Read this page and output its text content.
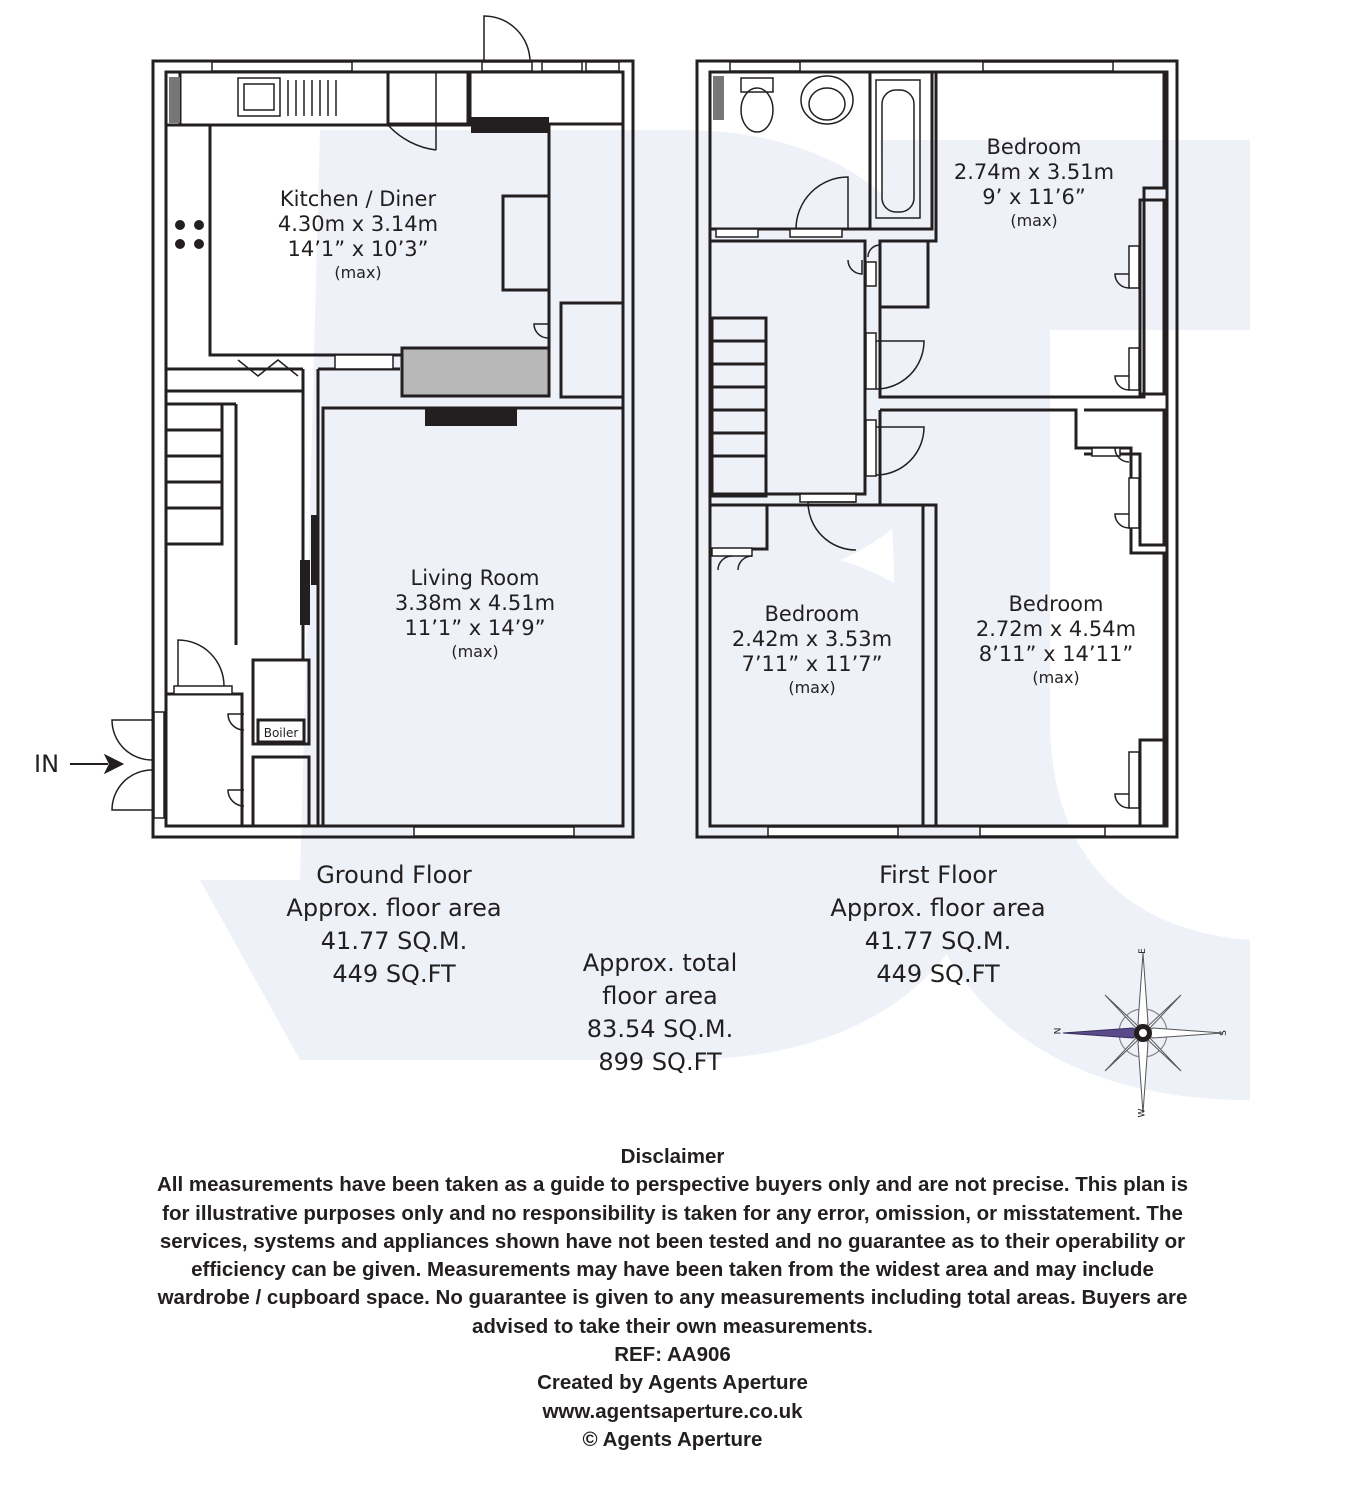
Boiler
Kitchen / Diner
4.30m x 3.14m
14’1” x 10’3”
(max)
Living Room
3.38m x 4.51m
11’1” x 14’9”
(max)
Bedroom
2.74m x 3.51m
9’ x 11’6”
(max)
Bedroom
2.42m x 3.53m
7’11” x 11’7”
(max)
Bedroom
2.72m x 4.54m
8’11” x 14’11”
(max)
IN
Ground Floor
Approx. floor area
41.77 SQ.M.
449 SQ.FT
First Floor
Approx. floor area
41.77 SQ.M.
449 SQ.FT
Approx. total
floor area
83.54 SQ.M.
899 SQ.FT
E
N	S
W
Disclaimer
All measurements have been taken as a guide to perspective buyers only and are not precise. This plan is
for illustrative purposes only and no responsibility is taken for any error, omission, or misstatement. The
services, systems and appliances shown have not been tested and no guarantee as to their operability or
efficiency can be given. Measurements may have been taken from the widest area and may include
wardrobe / cupboard space. No guarantee is given to any measurements including total areas. Buyers are
advised to take their own measurements.
REF: AA906
Created by Agents Aperture
www.agentsaperture.co.uk
© Agents Aperture
